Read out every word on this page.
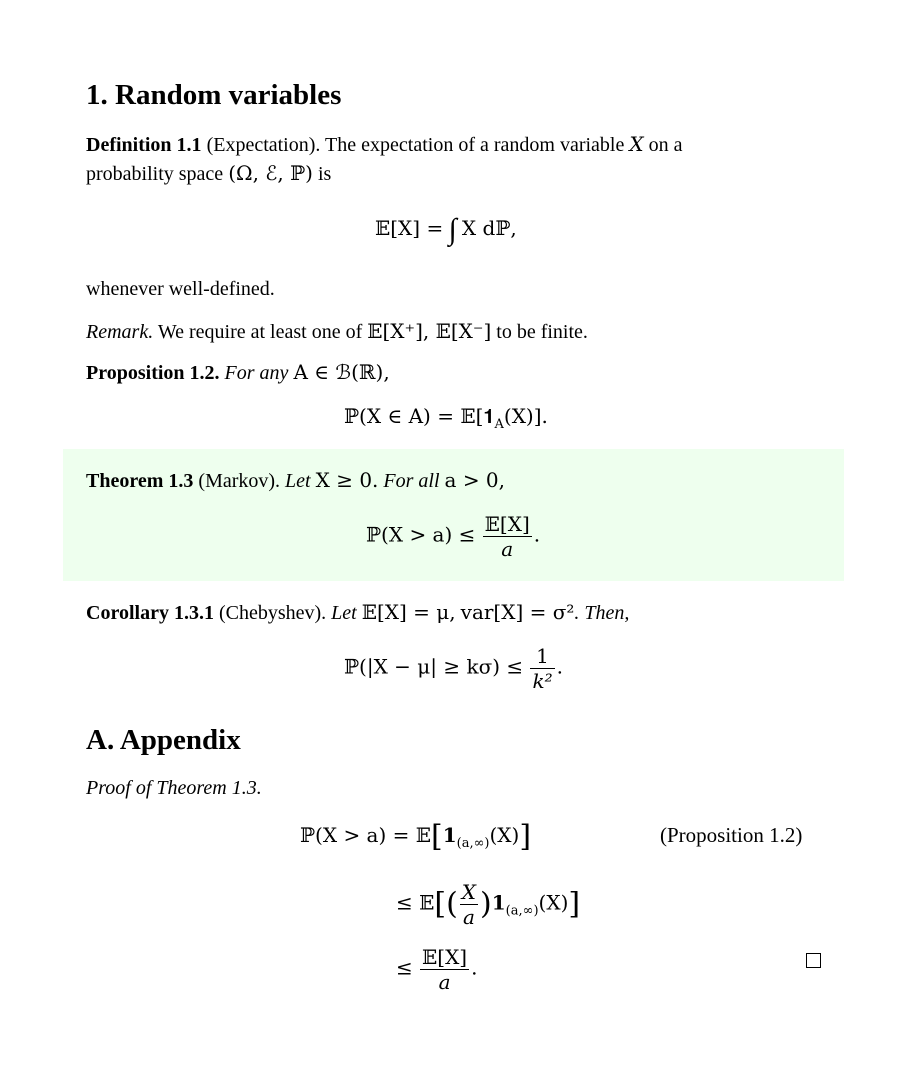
1. Random variables
Definition 1.1 (Expectation). The expectation of a random variable X on a
probability space (Ω, ℰ, ℙ) is
𝔼[X] = ∫ X dℙ,
whenever well-defined.
Remark. We require at least one of 𝔼[X⁺], 𝔼[X⁻] to be finite.
Proposition 1.2. For any A ∈ ℬ(ℝ),
ℙ(X ∈ $A) = 𝔼[𝟏_A(X)]$.
Theorem 1.3 (Markov). Let X ≥ 0. For all a > 0,
ℙ(X > $a) \le \frac{\text{𝔼[X]}}{a}$ .
Corollary 1.3.1 (Chebyshev). Let 𝔼[X] = μ, var[X] = σ². Then,
ℙ(|X − $\mu| \ge k\sigma) \le \frac{1}{\text{k²}}$ .
A. Appendix
Proof of Theorem 1.3.
ℙ(X > $a) = 𝔼[𝟏_{(a,\infty)}(X)]$	(Proposition 1.2)
≤ 𝔼[( $\frac{X}{a}$ )$𝟏_{(a,\infty)}(X)$]
≤ $\frac{\text{𝔼[X]}}{a}$ .
